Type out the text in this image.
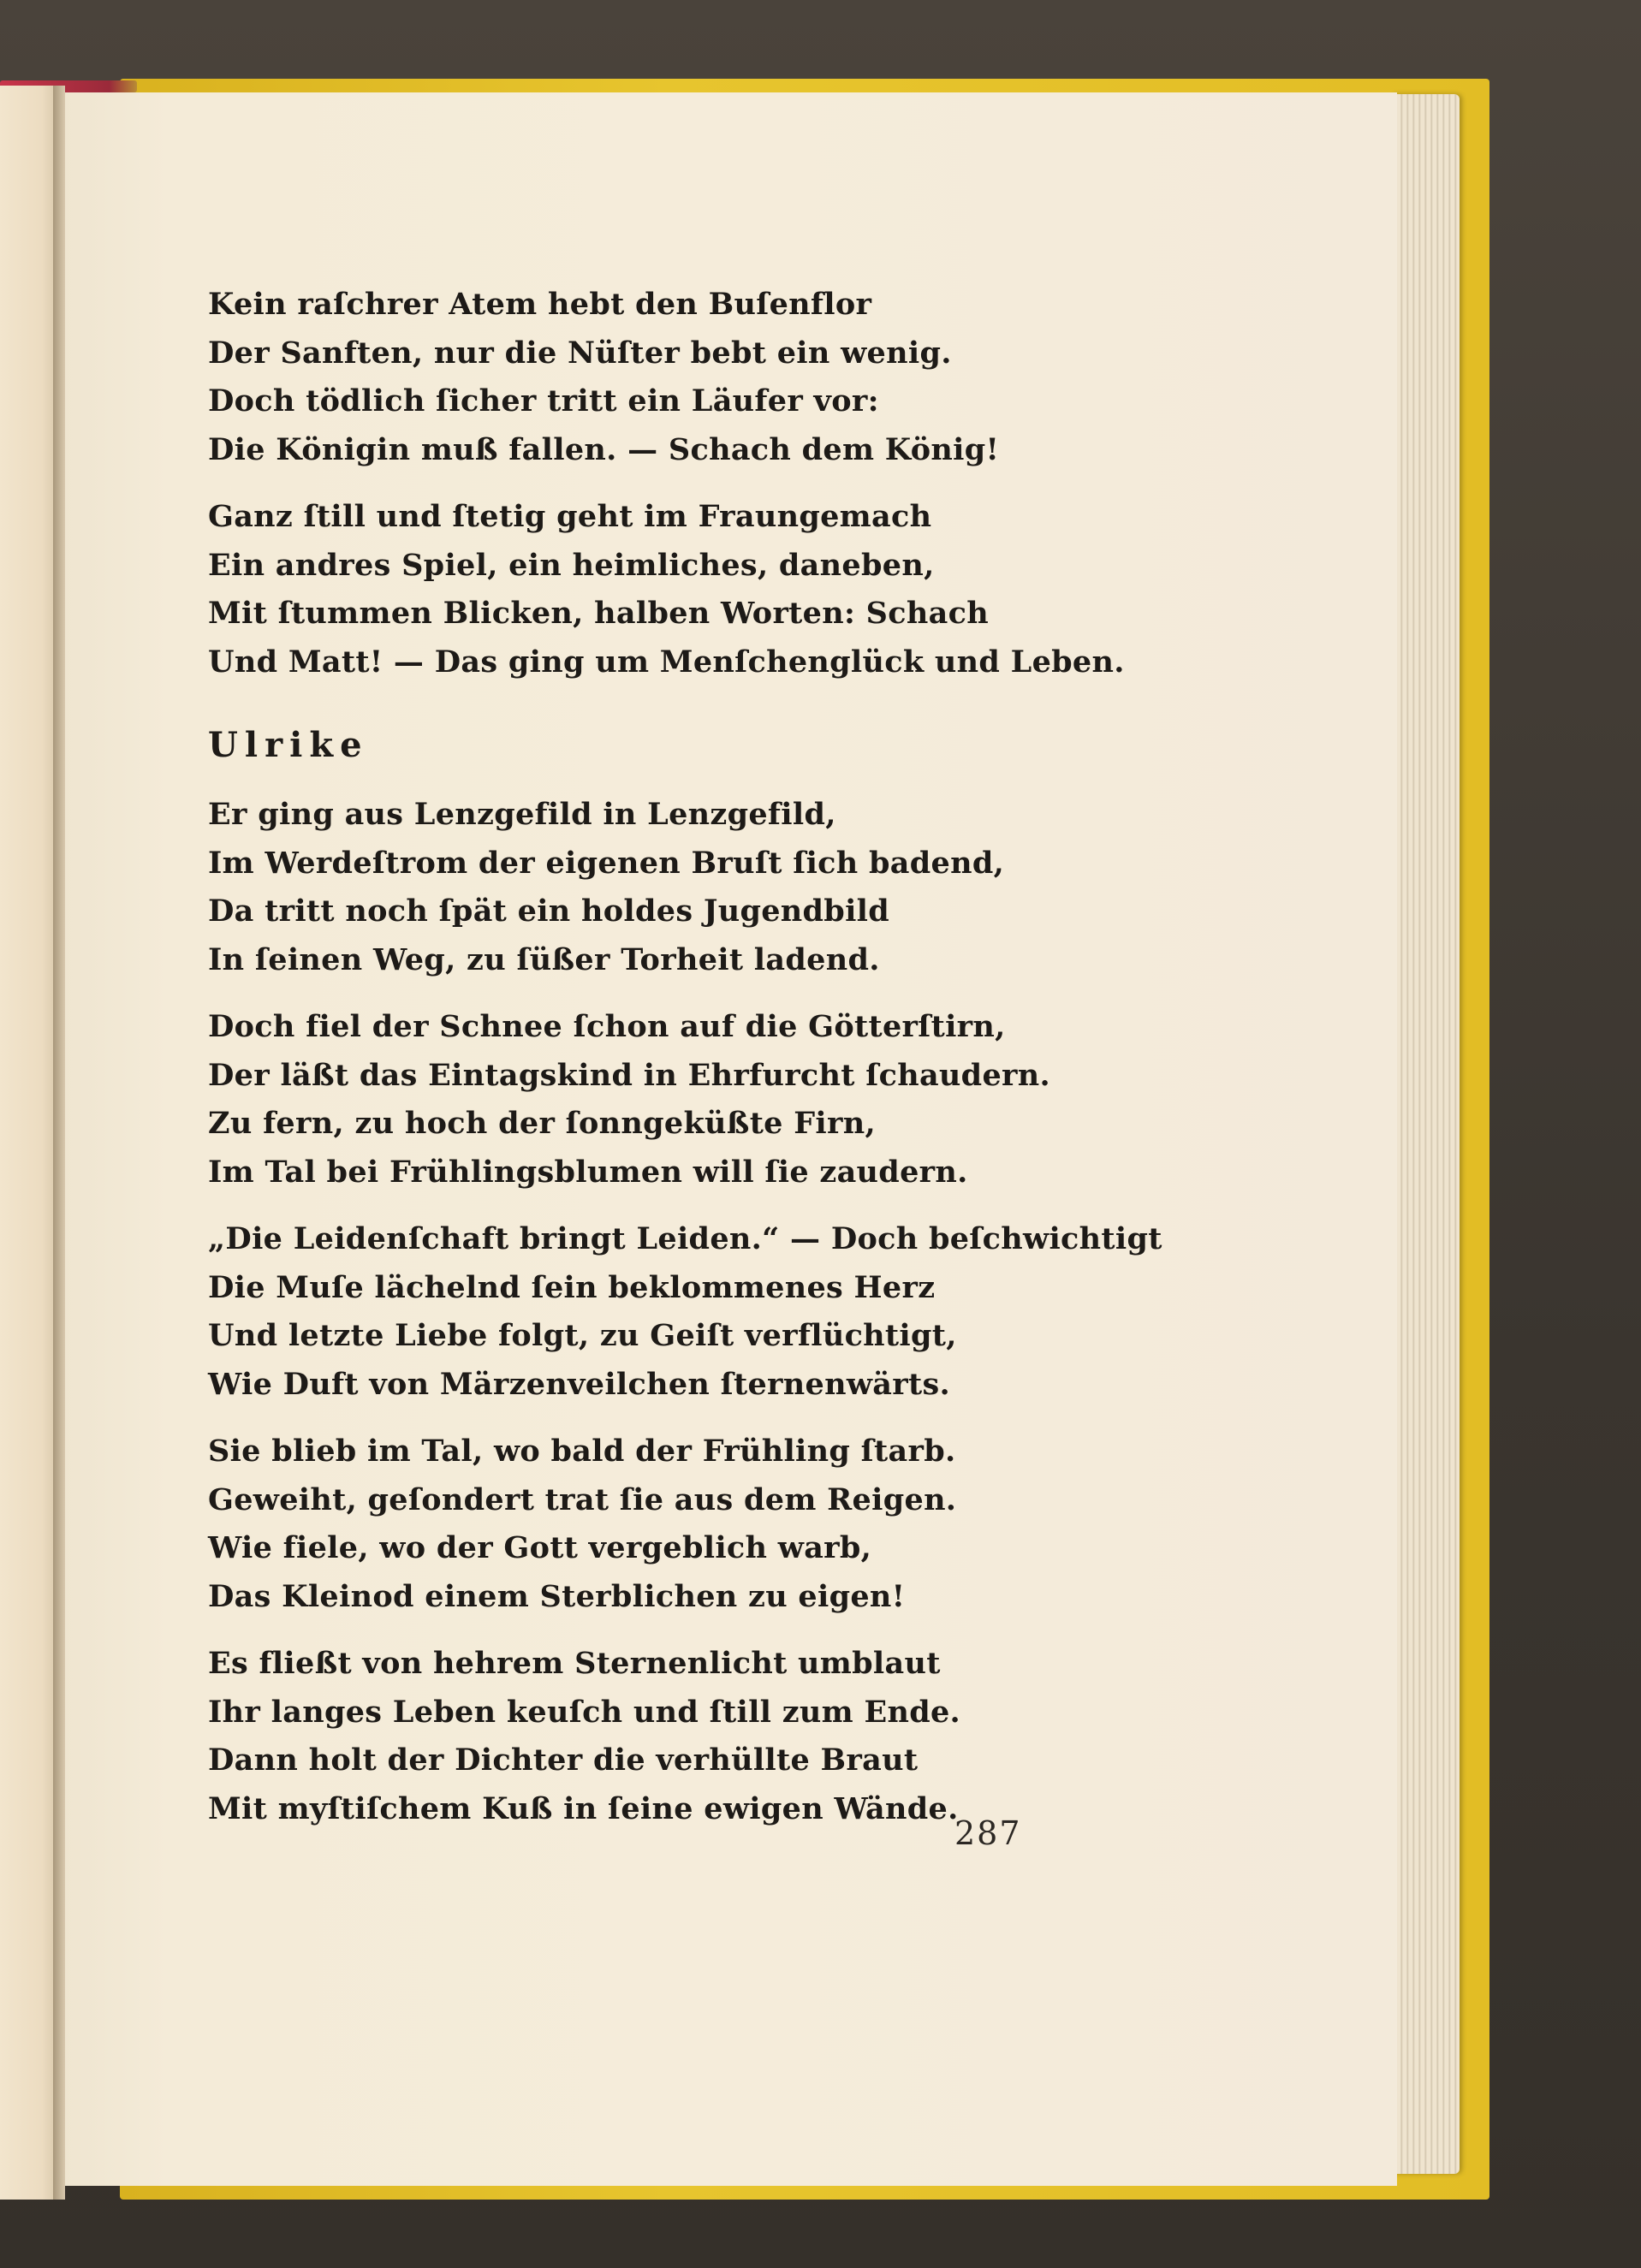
Kein raſchrer Atem hebt den Buſenflor
Der Sanften, nur die Nüſter bebt ein wenig.
Doch tödlich ſicher tritt ein Läufer vor:
Die Königin muß fallen. — Schach dem König!
Ganz ſtill und ſtetig geht im Fraungemach
Ein andres Spiel, ein heimliches, daneben,
Mit ſtummen Blicken, halben Worten: Schach
Und Matt! — Das ging um Menſchenglück und Leben.
Ulrike
Er ging aus Lenzgefild in Lenzgefild,
Im Werdeſtrom der eigenen Bruſt ſich badend,
Da tritt noch ſpät ein holdes Jugendbild
In ſeinen Weg, zu ſüßer Torheit ladend.
Doch fiel der Schnee ſchon auf die Götterſtirn,
Der läßt das Eintagskind in Ehrfurcht ſchaudern.
Zu fern, zu hoch der ſonngeküßte Firn,
Im Tal bei Frühlingsblumen will ſie zaudern.
„Die Leidenſchaft bringt Leiden.“ — Doch beſchwichtigt
Die Muſe lächelnd ſein beklommenes Herz
Und letzte Liebe folgt, zu Geiſt verflüchtigt,
Wie Duft von Märzenveilchen ſternenwärts.
Sie blieb im Tal, wo bald der Frühling ſtarb.
Geweiht, geſondert trat ſie aus dem Reigen.
Wie fiele, wo der Gott vergeblich warb,
Das Kleinod einem Sterblichen zu eigen!
Es fließt von hehrem Sternenlicht umblaut
Ihr langes Leben keuſch und ſtill zum Ende.
Dann holt der Dichter die verhüllte Braut
Mit myſtiſchem Kuß in ſeine ewigen Wände.
287
